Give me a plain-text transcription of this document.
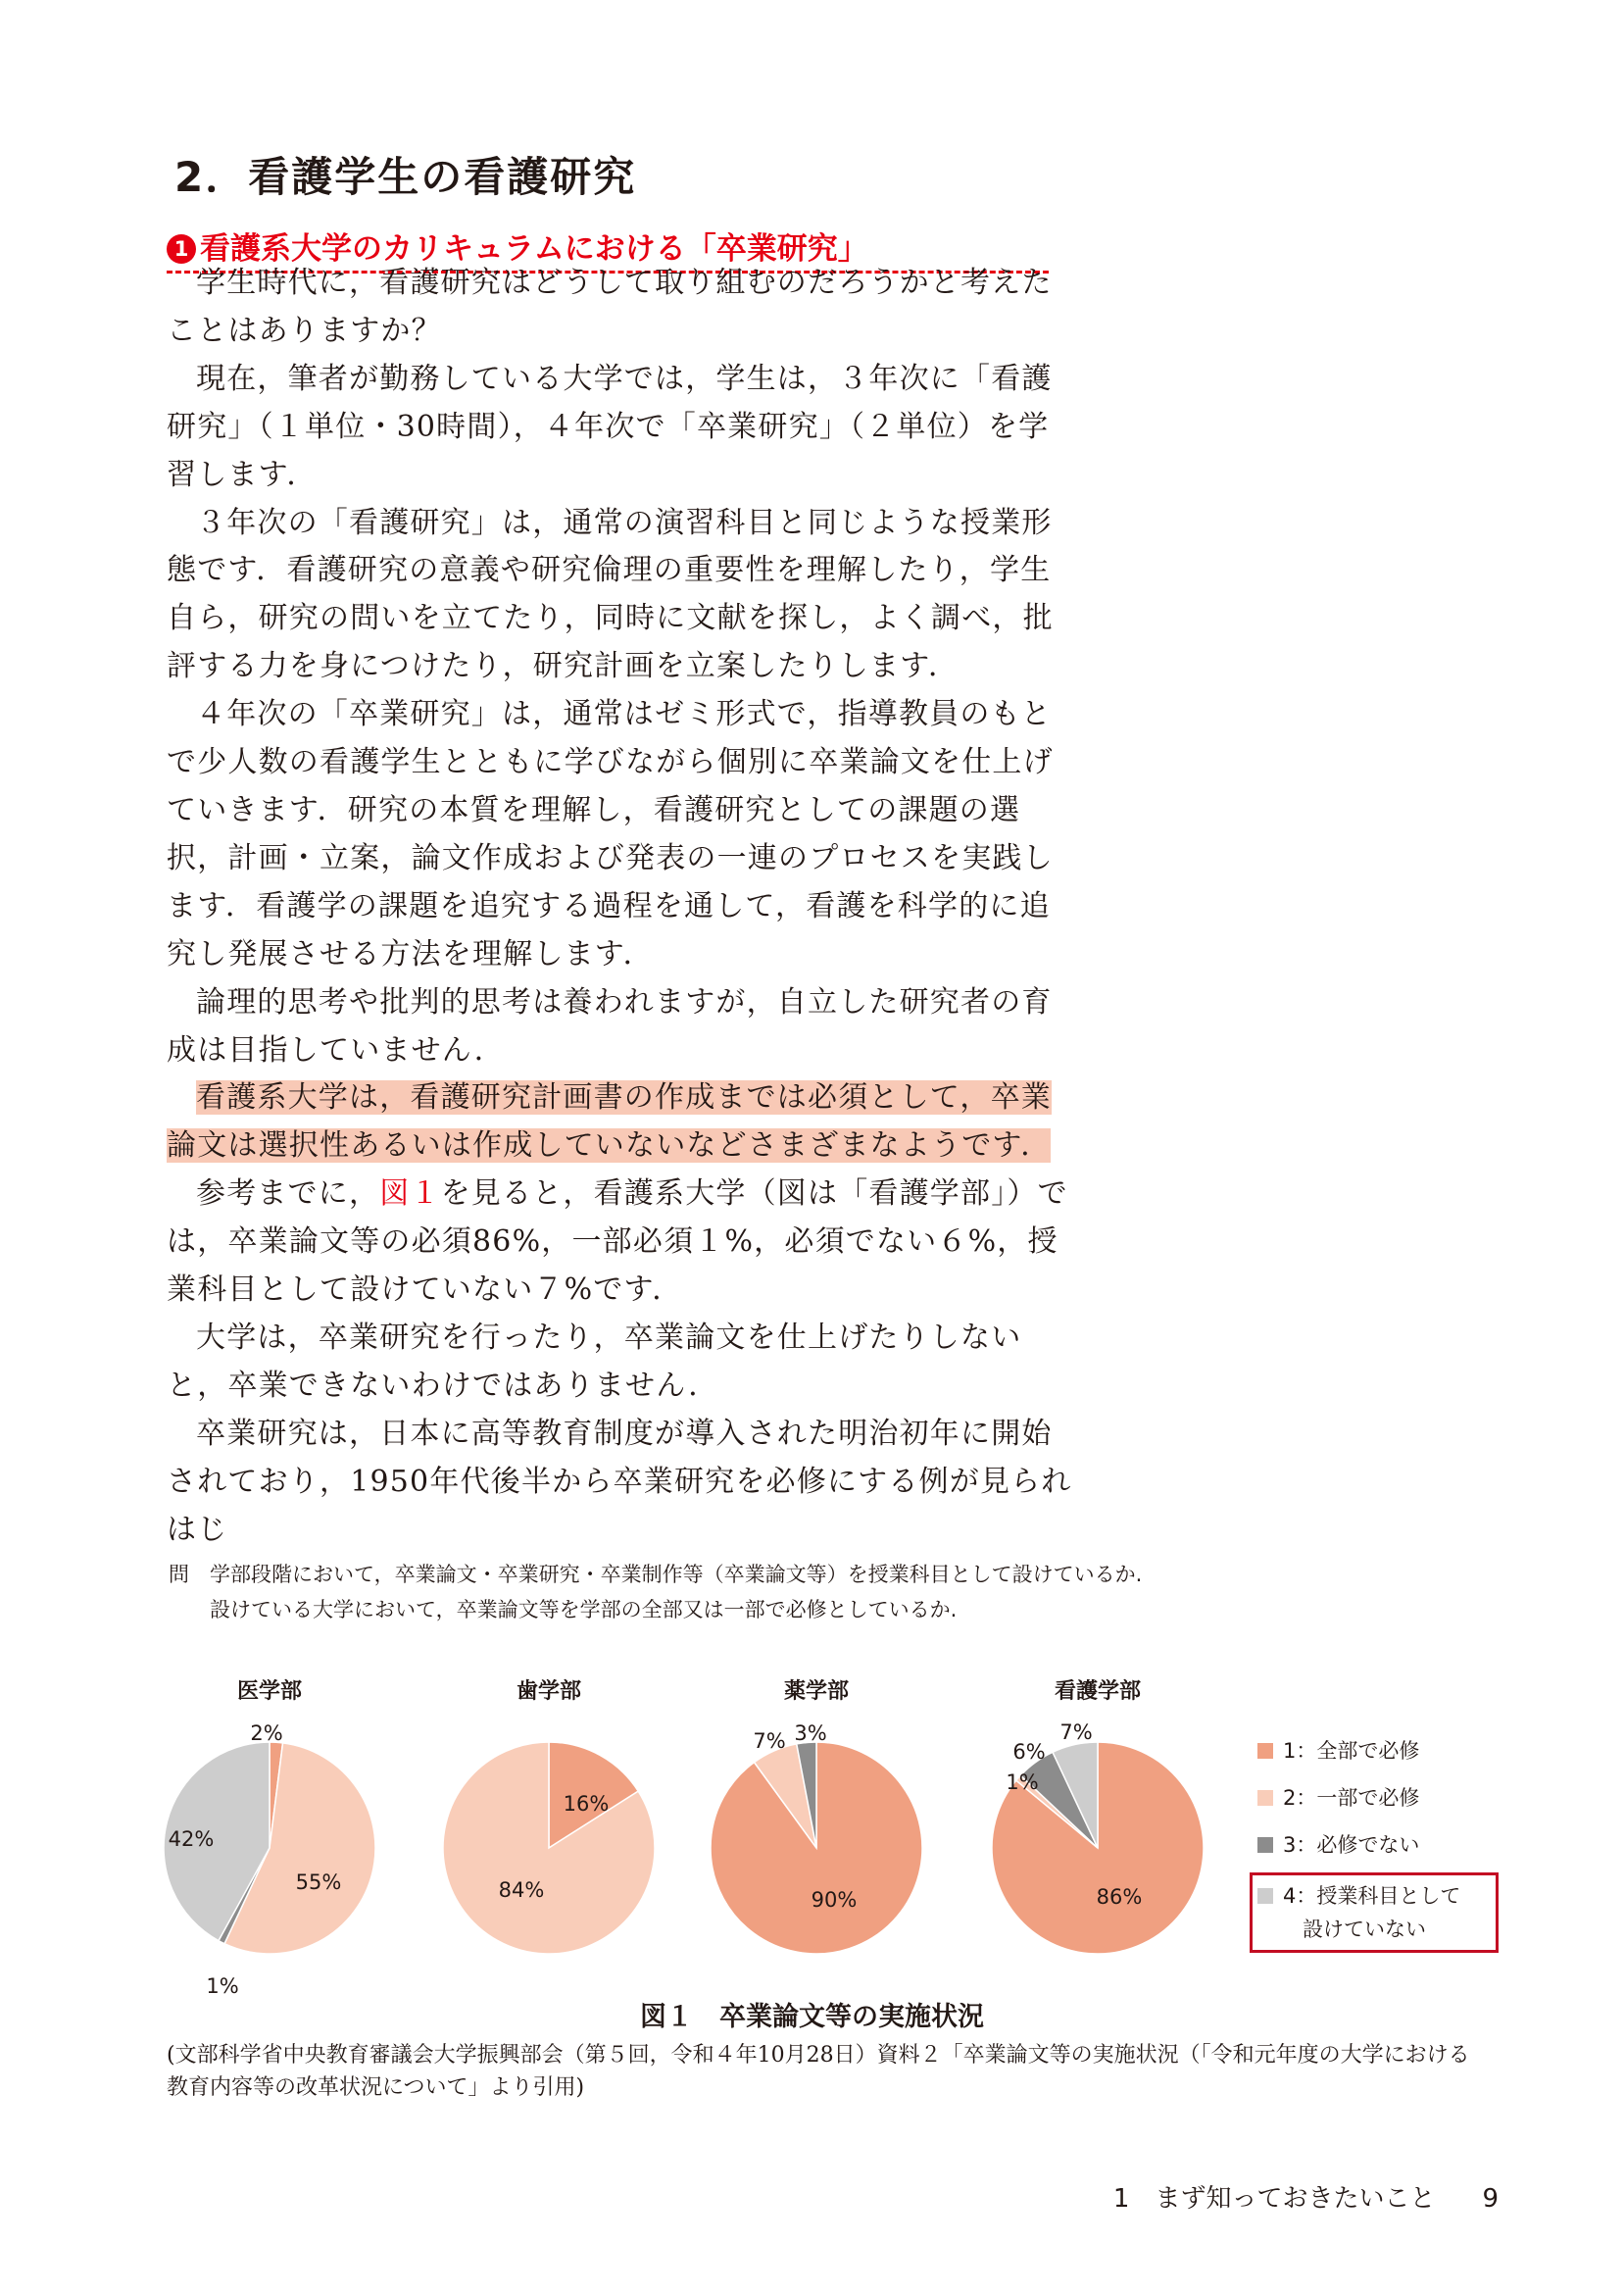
2．看護学生の看護研究
1 看護系大学のカリキュラムにおける「卒業研究」

学生時代に，看護研究はどうして取り組むのだろうかと考えたことはありますか？

現在，筆者が勤務している大学では，学生は，３年次に「看護研究」（１単位・30時間），４年次で「卒業研究」（２単位）を学習します．

３年次の「看護研究」は，通常の演習科目と同じような授業形態です．看護研究の意義や研究倫理の重要性を理解したり，学生自ら，研究の問いを立てたり，同時に文献を探し，よく調べ，批評する力を身につけたり，研究計画を立案したりします．

４年次の「卒業研究」は，通常はゼミ形式で，指導教員のもとで少人数の看護学生とともに学びながら個別に卒業論文を仕上げていきます．研究の本質を理解し，看護研究としての課題の選択，計画・立案，論文作成および発表の一連のプロセスを実践します．看護学の課題を追究する過程を通して，看護を科学的に追究し発展させる方法を理解します．

論理的思考や批判的思考は養われますが，自立した研究者の育成は目指していません．

看護系大学は，看護研究計画書の作成までは必須として，卒業論文は選択性あるいは作成していないなどさまざまなようです．

参考までに，図１を見ると，看護系大学（図は「看護学部」）では，卒業論文等の必須86%，一部必須１%，必須でない６%，授業科目として設けていない７%です．

大学は，卒業研究を行ったり，卒業論文を仕上げたりしないと，卒業できないわけではありません．

卒業研究は，日本に高等教育制度が導入された明治初年に開始されており，1950年代後半から卒業研究を必修にする例が見られはじ

問 学部段階において，卒業論文・卒業研究・卒業制作等（卒業論文等）を授業科目として設けているか.
設けている大学において，卒業論文等を学部の全部又は一部で必修としているか.
医学部
2%
55%
1%
42%
歯学部
16%
84%
薬学部
90%
7% 3%
看護学部
86%
1%
6%
7%
1：全部で必修
2：一部で必修
3：必修でない
4：授業科目として
設けていない
図１　卒業論文等の実施状況
(文部科学省中央教育審議会大学振興部会（第５回，令和４年10月28日）資料２「卒業論文等の実施状況（「令和元年度の大学における教育内容等の改革状況について」より引用)
1　まず知っておきたいこと 9
